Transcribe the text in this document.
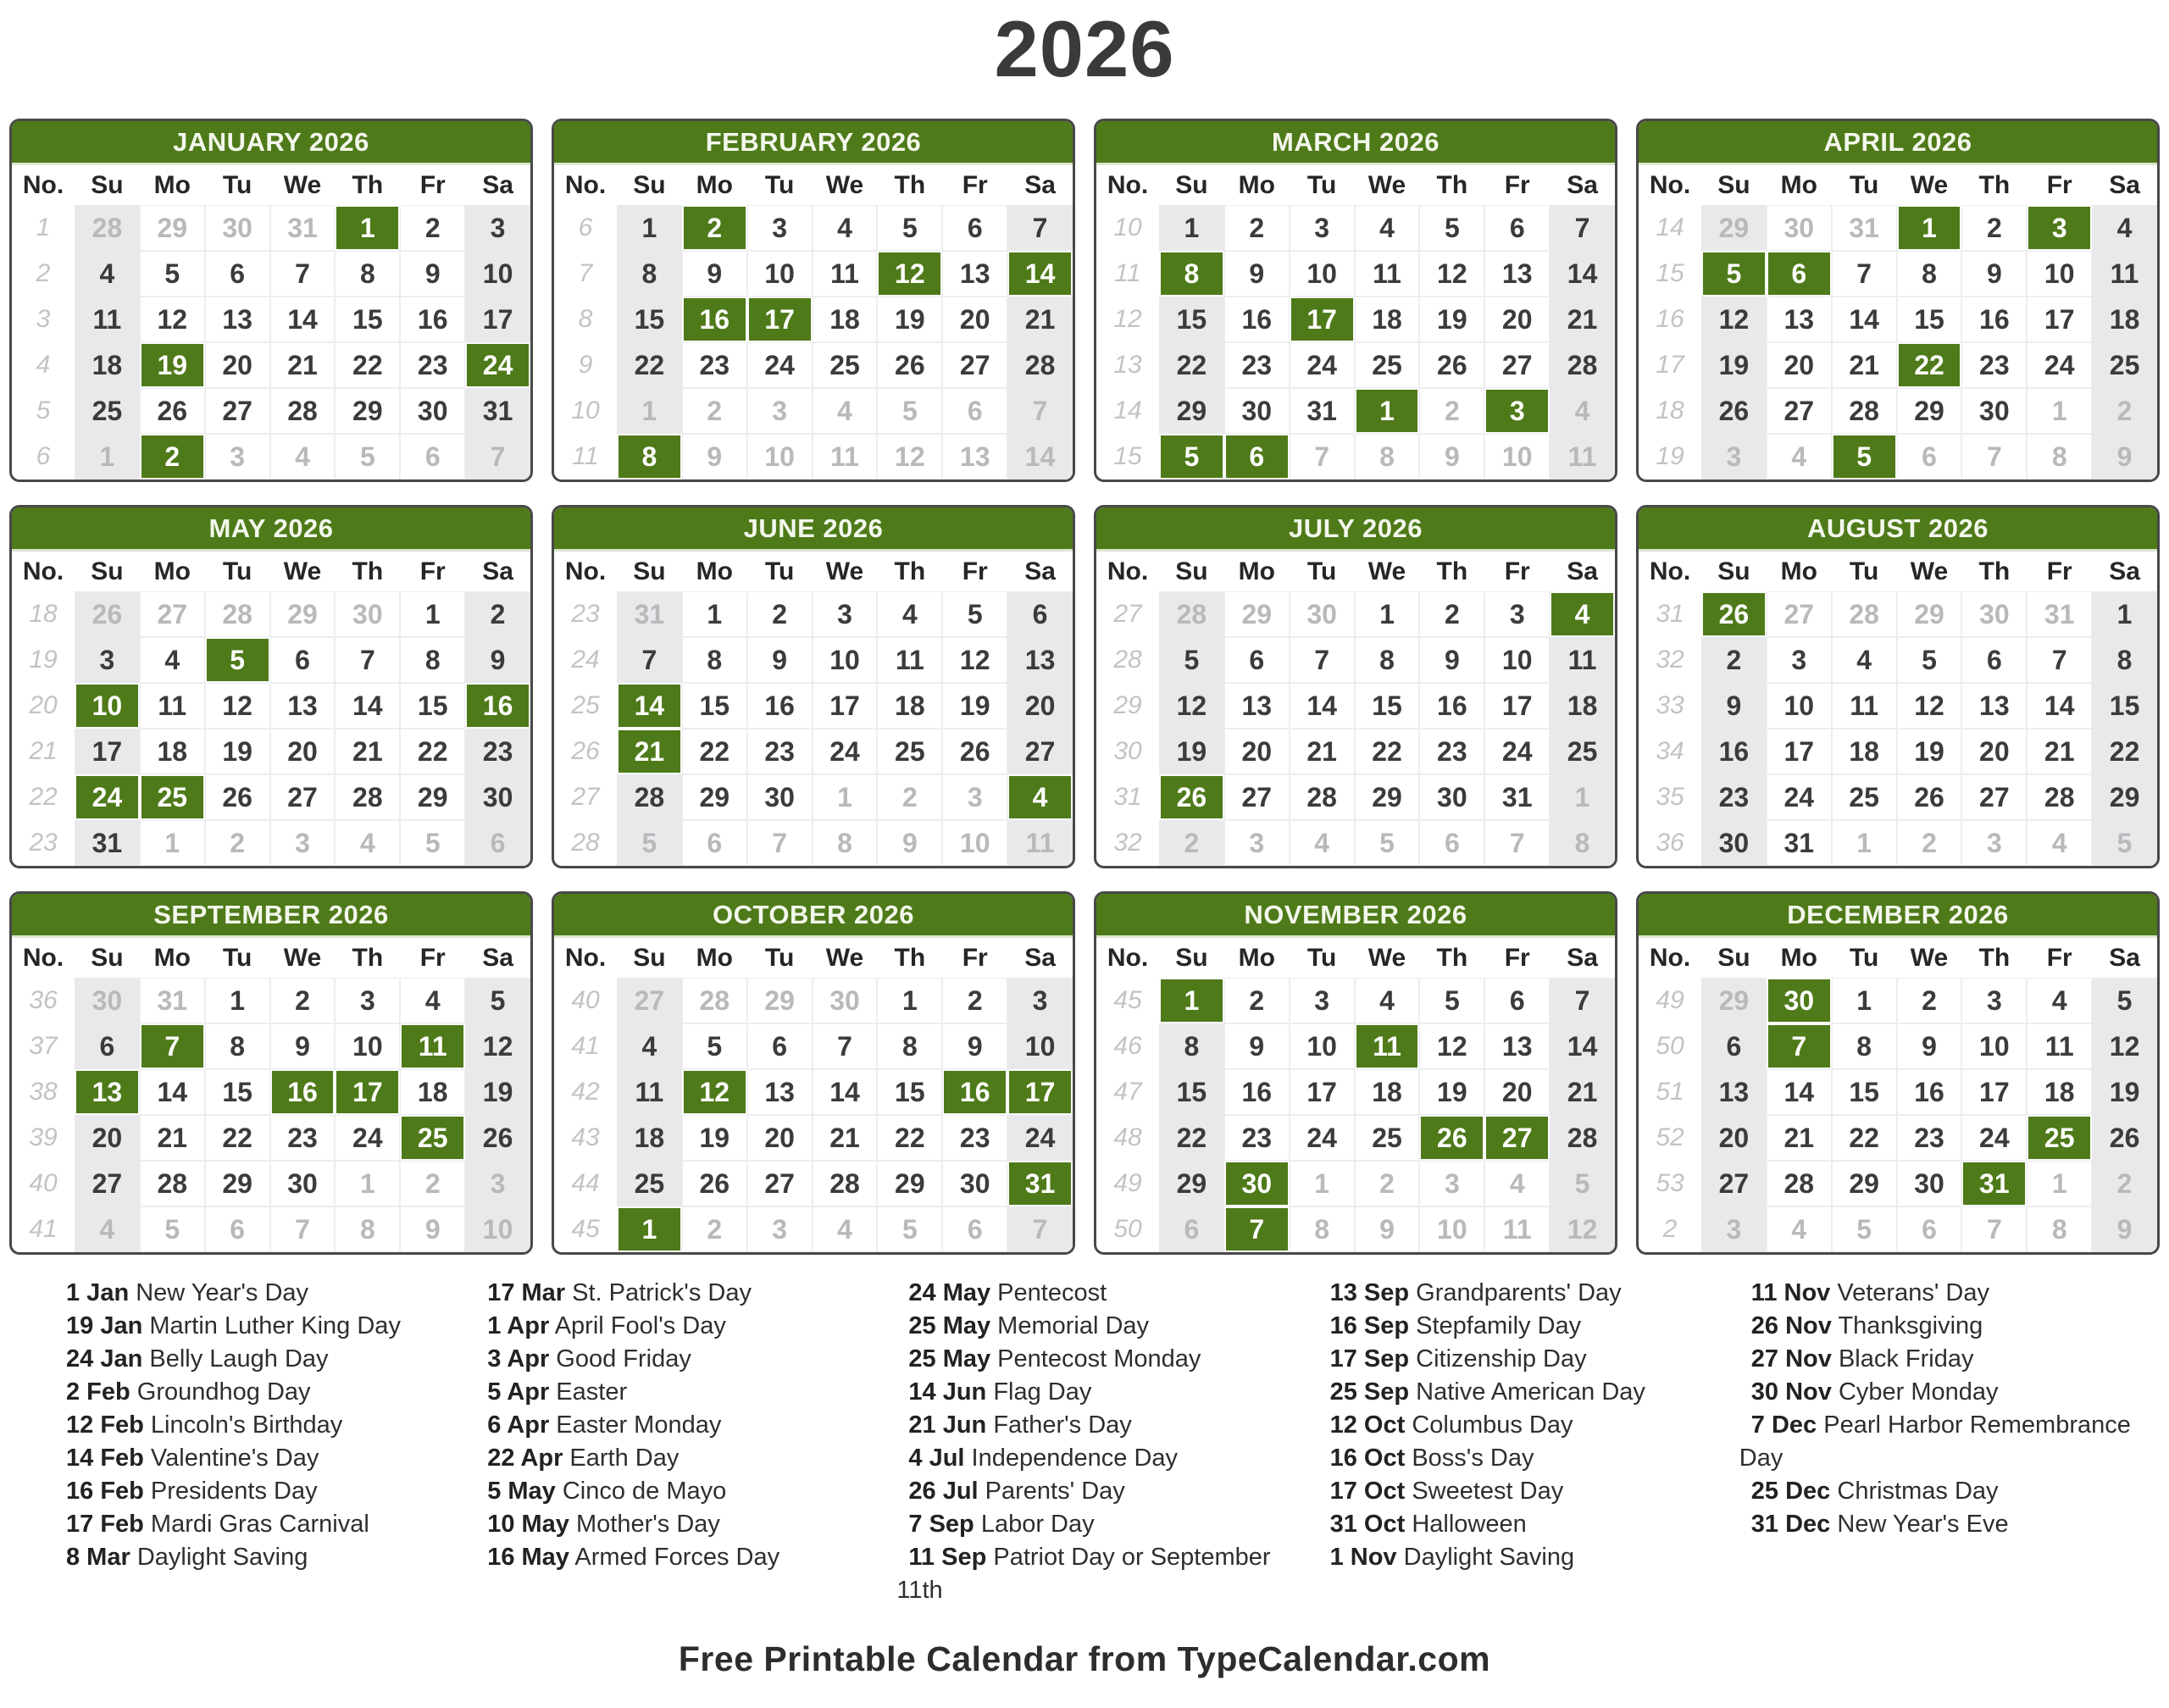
2026
JANUARY 2026
No.	Su	Mo	Tu	We	Th	Fr	Sa
1	28	29	30	31	1	2	3
2	4	5	6	7	8	9	10
3	11	12	13	14	15	16	17
4	18	19	20	21	22	23	24
5	25	26	27	28	29	30	31
6	1	2	3	4	5	6	7
FEBRUARY 2026
No.	Su	Mo	Tu	We	Th	Fr	Sa
6	1	2	3	4	5	6	7
7	8	9	10	11	12	13	14
8	15	16	17	18	19	20	21
9	22	23	24	25	26	27	28
10	1	2	3	4	5	6	7
11	8	9	10	11	12	13	14
MARCH 2026
No.	Su	Mo	Tu	We	Th	Fr	Sa
10	1	2	3	4	5	6	7
11	8	9	10	11	12	13	14
12	15	16	17	18	19	20	21
13	22	23	24	25	26	27	28
14	29	30	31	1	2	3	4
15	5	6	7	8	9	10	11
APRIL 2026
No.	Su	Mo	Tu	We	Th	Fr	Sa
14	29	30	31	1	2	3	4
15	5	6	7	8	9	10	11
16	12	13	14	15	16	17	18
17	19	20	21	22	23	24	25
18	26	27	28	29	30	1	2
19	3	4	5	6	7	8	9
MAY 2026
No.	Su	Mo	Tu	We	Th	Fr	Sa
18	26	27	28	29	30	1	2
19	3	4	5	6	7	8	9
20	10	11	12	13	14	15	16
21	17	18	19	20	21	22	23
22	24	25	26	27	28	29	30
23	31	1	2	3	4	5	6
JUNE 2026
No.	Su	Mo	Tu	We	Th	Fr	Sa
23	31	1	2	3	4	5	6
24	7	8	9	10	11	12	13
25	14	15	16	17	18	19	20
26	21	22	23	24	25	26	27
27	28	29	30	1	2	3	4
28	5	6	7	8	9	10	11
JULY 2026
No.	Su	Mo	Tu	We	Th	Fr	Sa
27	28	29	30	1	2	3	4
28	5	6	7	8	9	10	11
29	12	13	14	15	16	17	18
30	19	20	21	22	23	24	25
31	26	27	28	29	30	31	1
32	2	3	4	5	6	7	8
AUGUST 2026
No.	Su	Mo	Tu	We	Th	Fr	Sa
31	26	27	28	29	30	31	1
32	2	3	4	5	6	7	8
33	9	10	11	12	13	14	15
34	16	17	18	19	20	21	22
35	23	24	25	26	27	28	29
36	30	31	1	2	3	4	5
SEPTEMBER 2026
No.	Su	Mo	Tu	We	Th	Fr	Sa
36	30	31	1	2	3	4	5
37	6	7	8	9	10	11	12
38	13	14	15	16	17	18	19
39	20	21	22	23	24	25	26
40	27	28	29	30	1	2	3
41	4	5	6	7	8	9	10
OCTOBER 2026
No.	Su	Mo	Tu	We	Th	Fr	Sa
40	27	28	29	30	1	2	3
41	4	5	6	7	8	9	10
42	11	12	13	14	15	16	17
43	18	19	20	21	22	23	24
44	25	26	27	28	29	30	31
45	1	2	3	4	5	6	7
NOVEMBER 2026
No.	Su	Mo	Tu	We	Th	Fr	Sa
45	1	2	3	4	5	6	7
46	8	9	10	11	12	13	14
47	15	16	17	18	19	20	21
48	22	23	24	25	26	27	28
49	29	30	1	2	3	4	5
50	6	7	8	9	10	11	12
DECEMBER 2026
No.	Su	Mo	Tu	We	Th	Fr	Sa
49	29	30	1	2	3	4	5
50	6	7	8	9	10	11	12
51	13	14	15	16	17	18	19
52	20	21	22	23	24	25	26
53	27	28	29	30	31	1	2
2	3	4	5	6	7	8	9
1 Jan New Year's Day
19 Jan Martin Luther King Day
24 Jan Belly Laugh Day
2 Feb Groundhog Day
12 Feb Lincoln's Birthday
14 Feb Valentine's Day
16 Feb Presidents Day
17 Feb Mardi Gras Carnival
8 Mar Daylight Saving
17 Mar St. Patrick's Day
1 Apr April Fool's Day
3 Apr Good Friday
5 Apr Easter
6 Apr Easter Monday
22 Apr Earth Day
5 May Cinco de Mayo
10 May Mother's Day
16 May Armed Forces Day
24 May Pentecost
25 May Memorial Day
25 May Pentecost Monday
14 Jun Flag Day
21 Jun Father's Day
4 Jul Independence Day
26 Jul Parents' Day
7 Sep Labor Day
11 Sep Patriot Day or September 11th
13 Sep Grandparents' Day
16 Sep Stepfamily Day
17 Sep Citizenship Day
25 Sep Native American Day
12 Oct Columbus Day
16 Oct Boss's Day
17 Oct Sweetest Day
31 Oct Halloween
1 Nov Daylight Saving
11 Nov Veterans' Day
26 Nov Thanksgiving
27 Nov Black Friday
30 Nov Cyber Monday
7 Dec Pearl Harbor Remembrance Day
25 Dec Christmas Day
31 Dec New Year's Eve
Free Printable Calendar from TypeCalendar.com
